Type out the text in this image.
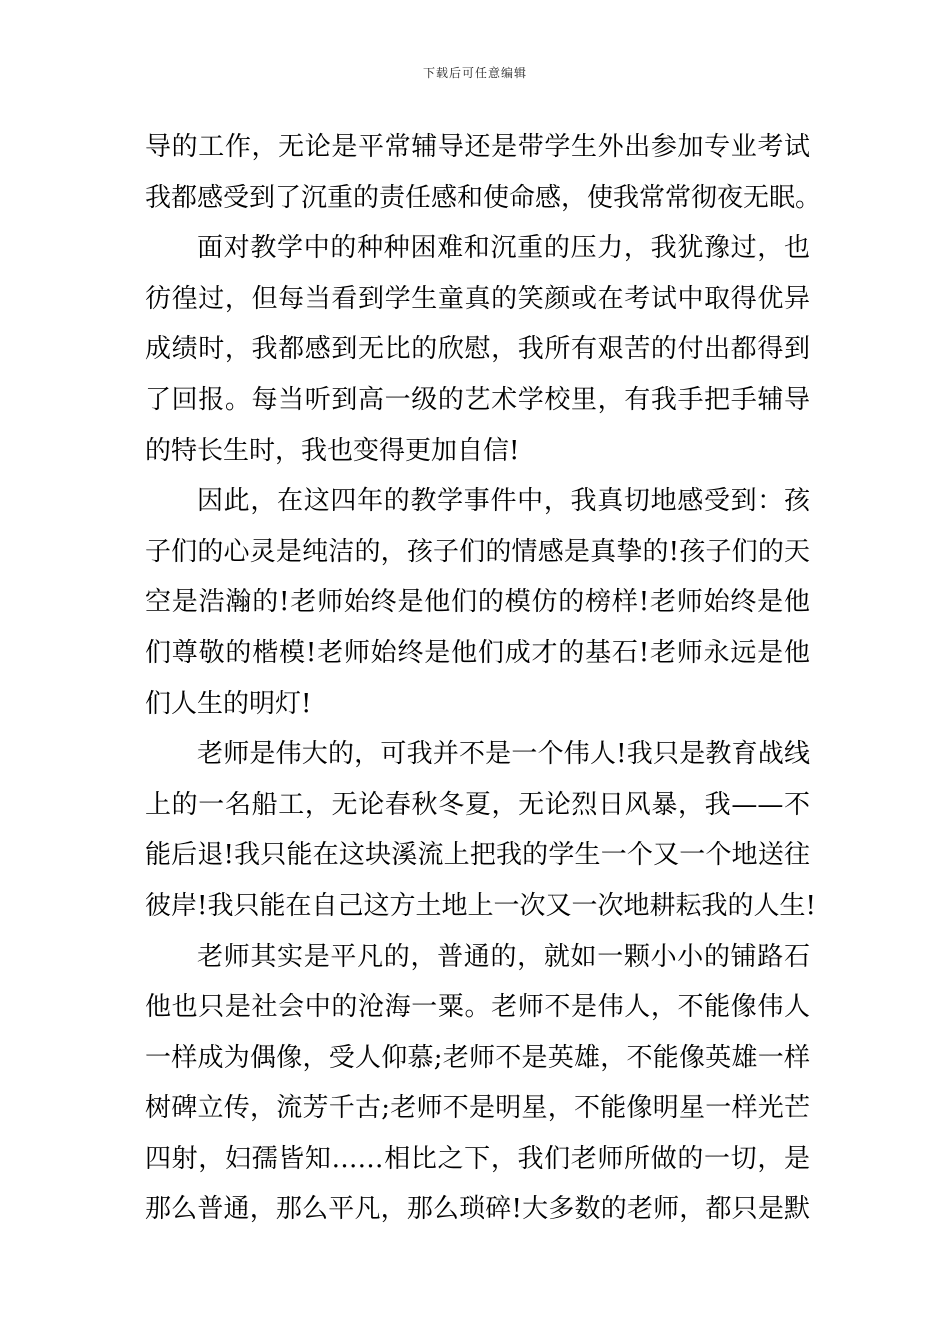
下载后可任意编辑
导的工作，无论是平常辅导还是带学生外出参加专业考试
我都感受到了沉重的责任感和使命感，使我常常彻夜无眠。
面对教学中的种种困难和沉重的压力，我犹豫过，也
彷徨过，但每当看到学生童真的笑颜或在考试中取得优异
成绩时，我都感到无比的欣慰，我所有艰苦的付出都得到
了回报。每当听到高一级的艺术学校里，有我手把手辅导
的特长生时，我也变得更加自信!
因此，在这四年的教学事件中，我真切地感受到：孩
子们的心灵是纯洁的，孩子们的情感是真挚的!孩子们的天
空是浩瀚的!老师始终是他们的模仿的榜样!老师始终是他
们尊敬的楷模!老师始终是他们成才的基石!老师永远是他
们人生的明灯!
老师是伟大的，可我并不是一个伟人!我只是教育战线
上的一名船工，无论春秋冬夏，无论烈日风暴，我——不
能后退!我只能在这块溪流上把我的学生一个又一个地送往
彼岸!我只能在自己这方土地上一次又一次地耕耘我的人生!
老师其实是平凡的，普通的，就如一颗小小的铺路石
他也只是社会中的沧海一粟。老师不是伟人，不能像伟人
一样成为偶像，受人仰慕;老师不是英雄，不能像英雄一样
树碑立传，流芳千古;老师不是明星，不能像明星一样光芒
四射，妇孺皆知……相比之下，我们老师所做的一切，是
那么普通，那么平凡，那么琐碎!大多数的老师，都只是默
